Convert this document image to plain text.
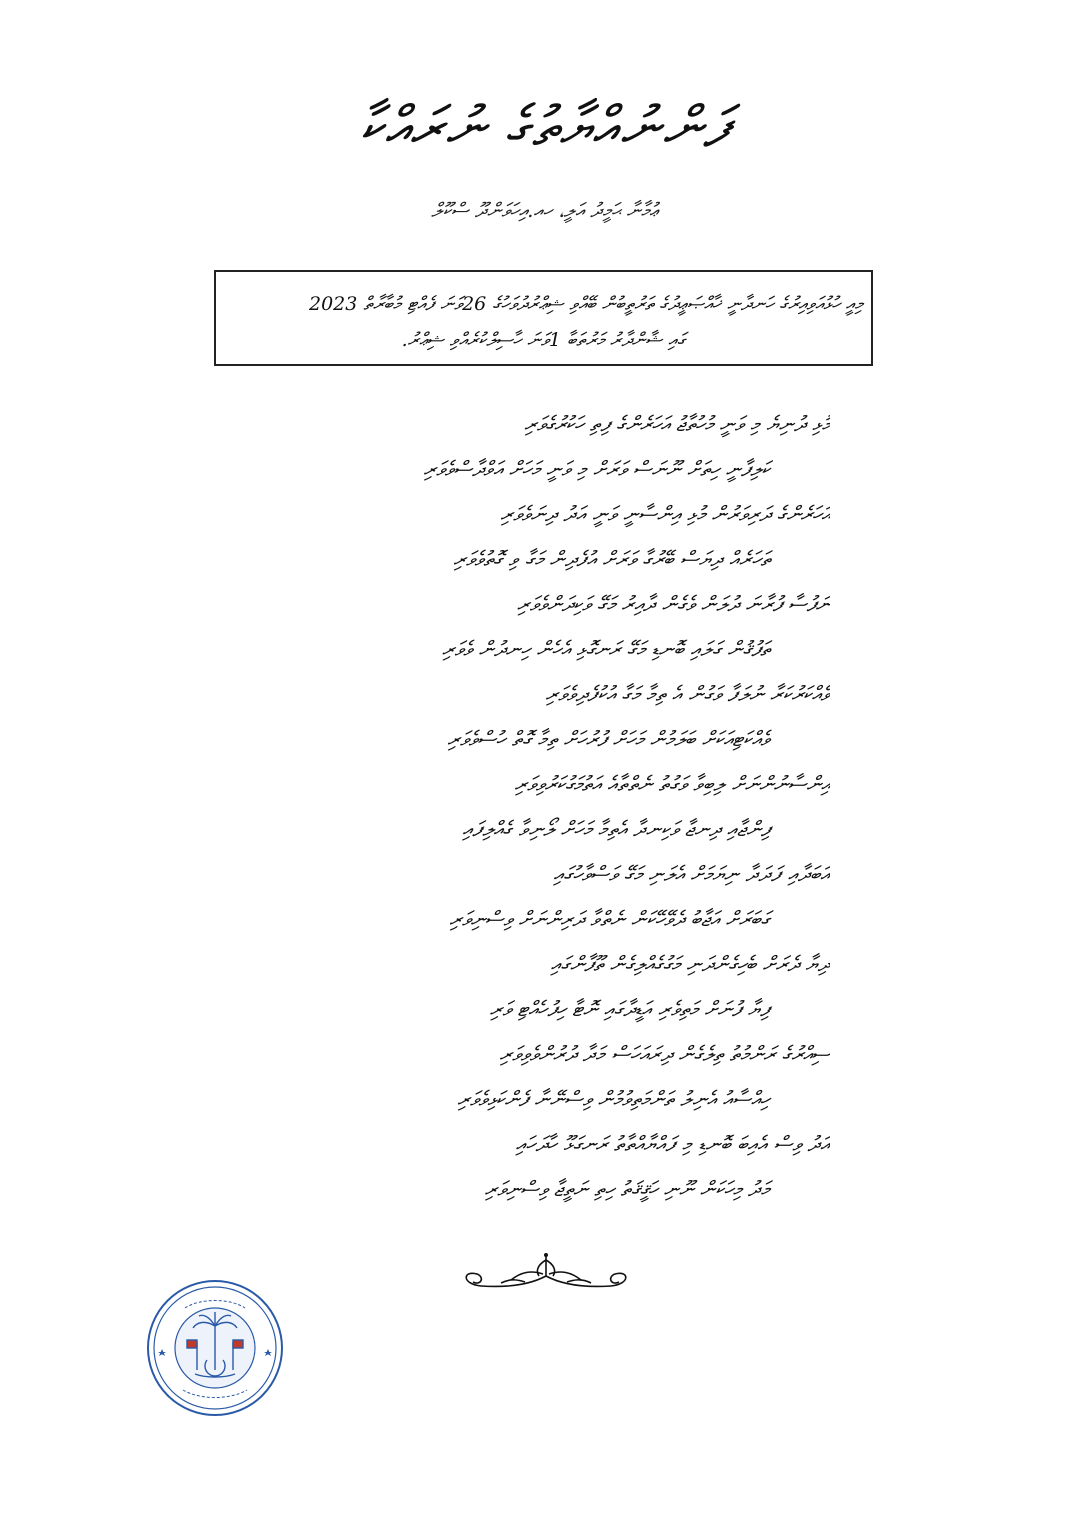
ފަންނުއްޔާތުގެ ނުރައްކާ
ޢުމާނާ ޙަމީދު އަލީ، ހއ.އިހަވަންދޫ ސްކޫލް
މިއީ ހުޅުއަވިއިރުގެ ހަނދާނީ ޚާއްޞަޢީދުގެ ތަރުތީބުން ބޭއްވި ޝިޢްރުދުވަހުގެ 26ވަނަ ފެއްޓި މުބާރާތް 2023
ގައި ޝާންދާރު މަރުތަބާ 1ވަނަ ހާސިލްކުރެއްވި ޝިޢްރު.
މުޅި ދުނިޔެ މި ވަނީ މުހުތާޖު އަހަރެންގެ ފިތި ހަކުރުގެވަރި
ކަލިފާނީ ހިތަށް ނޫނަސް ވަރަށް މި ވަނީ މަހަށް އަވްދާސްވެވަރި
އަހަރެންގެ ދަރިވަރުން މުޅި އިންސާނީ ވަނީ އަދު ދިނަވެވަރި
ތަހަރެއް ދިޔަސް ބޭރުގާ ވަރަށް އުފެދިން މަގާ ވި ގޮތުވެވަރި
ނަފުސާ ފުރާނަ ދުލަން ވެގެން ދާއިރު މަގޭ ވަކިދަންވެވަރި
ތަފުޤުން ގަލައި ބޮނޑި މަގޭ ރަނގޮޅި އެހެން ހިނދުން ވެވަރި
ވެއްކަރުކަރާ ނުލަފާ ވަގުން އެ ތިމާ މަގާ އުކުފެދިވެވަރި
ވެއްކަޓިއަކަށް ބަލަމުން މަހަށް ފުރުހަށް ތިމާ ގޮތް ހުސްވެވަރި
އިންސާނުންނަށް ލިބިވާ ވަގުތު ނެތްތާއެ އަތުމަގުކަރުވިވަރި
ފިންޖާއި ދިނޖާ ވަކިނދާ އެތިމާ މަހަށް ލޯނިވާ ގެއްލިފައި
އަބަދާއި ފަދަދާ ނިޔަމަށް އެލަނި މަގޭ ވަސްވާހުގައި
ގަބަރަށް އަޖާބު ދެވޭހޭކަން ނެތްވާ ދަރިންނަށް ވިސްނިވަރި
ދިޔާ ދެރަށް ބެހިގެންދަނި މަގުގެއްލިގެން ތޫފާންގައި
ފިޔާ ފުނަށް މަތިވެރި އަޑީދާގައި ނޮޓާ ހިފުހެއްޓި ވަރި
ސިއްރުގެ ރަންމުތު ތިލެގެން ދިރައަހަސް މަދާ ދުރުންވެވިވަރި
ހިއްސާއު އެނިލު ތަންމަތިވުމުން ވިސްނޭނާ ފެންކަޅިވެވަރި
އަދު ވިސް އެއިބަ ބޮނޑި މި ފައްޔާއްތާތު ރަނގަޅޫ ހާދަހައި
މަދު މިހަކަން ނޫނި ހަޤީޤަތު ހިތި ނަތީޖާ ވިސްނިވަރި
